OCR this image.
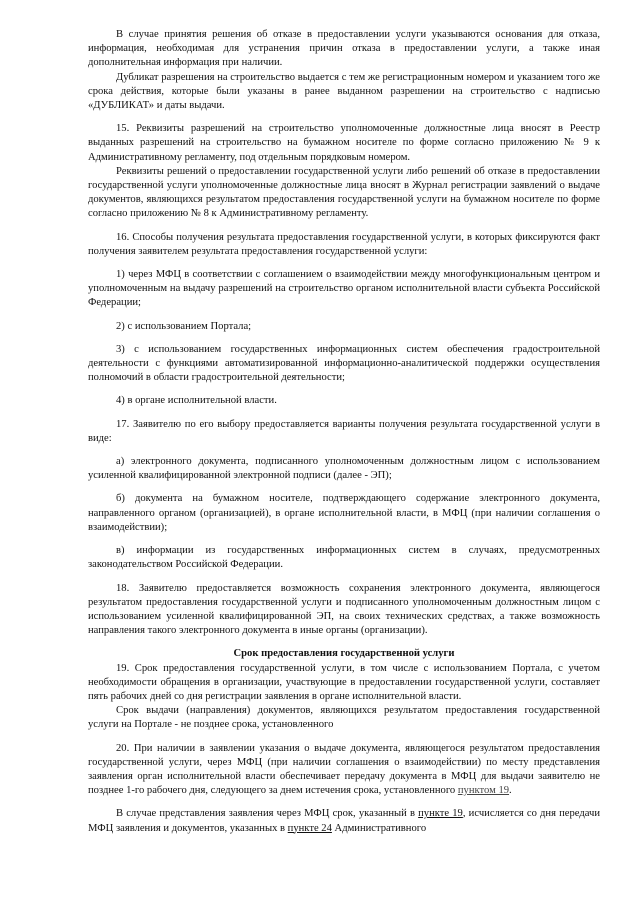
В случае принятия решения об отказе в предоставлении услуги указываются основания для отказа, информация, необходимая для устранения причин отказа в предоставлении услуги, а также иная дополнительная информация при наличии.

Дубликат разрешения на строительство выдается с тем же регистрационным номером и указанием того же срока действия, которые были указаны в ранее выданном разрешении на строительство с надписью «ДУБЛИКАТ» и даты выдачи.

15. Реквизиты разрешений на строительство уполномоченные должностные лица вносят в Реестр выданных разрешений на строительство на бумажном носителе по форме согласно приложению № 9 к Административному регламенту, под отдельным порядковым номером.

Реквизиты решений о предоставлении государственной услуги либо решений об отказе в предоставлении государственной услуги уполномоченные должностные лица вносят в Журнал регистрации заявлений о выдаче документов, являющихся результатом предоставления государственной услуги на бумажном носителе по форме согласно приложению № 8 к Административному регламенту.

16. Способы получения результата предоставления государственной услуги, в которых фиксируются факт получения заявителем результата предоставления государственной услуги:

1) через МФЦ в соответствии с соглашением о взаимодействии между многофункциональным центром и уполномоченным на выдачу разрешений на строительство органом исполнительной власти субъекта Российской Федерации;

2) с использованием Портала;

3) с использованием государственных информационных систем обеспечения градостроительной деятельности с функциями автоматизированной информационно-аналитической поддержки осуществления полномочий в области градостроительной деятельности;

4) в органе исполнительной власти.

17. Заявителю по его выбору предоставляется варианты получения результата государственной услуги в виде:

а) электронного документа, подписанного уполномоченным должностным лицом с использованием усиленной квалифицированной электронной подписи (далее - ЭП);

б) документа на бумажном носителе, подтверждающего содержание электронного документа, направленного органом (организацией), в органе исполнительной власти, в МФЦ (при наличии соглашения о взаимодействии);

в) информации из государственных информационных систем в случаях, предусмотренных законодательством Российской Федерации.

18. Заявителю предоставляется возможность сохранения электронного документа, являющегося результатом предоставления государственной услуги и подписанного уполномоченным должностным лицом с использованием усиленной квалифицированной ЭП, на своих технических средствах, а также возможность направления такого электронного документа в иные органы (организации).

Срок предоставления государственной услуги

19. Срок предоставления государственной услуги, в том числе с использованием Портала, с учетом необходимости обращения в организации, участвующие в предоставлении государственной услуги, составляет пять рабочих дней со дня регистрации заявления в органе исполнительной власти.

Срок выдачи (направления) документов, являющихся результатом предоставления государственной услуги на Портале - не позднее срока, установленного

20. При наличии в заявлении указания о выдаче документа, являющегося результатом предоставления государственной услуги, через МФЦ (при наличии соглашения о взаимодействии) по месту представления заявления орган исполнительной власти обеспечивает передачу документа в МФЦ для выдачи заявителю не позднее 1-го рабочего дня, следующего за днем истечения срока, установленного пунктом 19.

В случае представления заявления через МФЦ срок, указанный в пункте 19, исчисляется со дня передачи МФЦ заявления и документов, указанных в пункте 24 Административного
